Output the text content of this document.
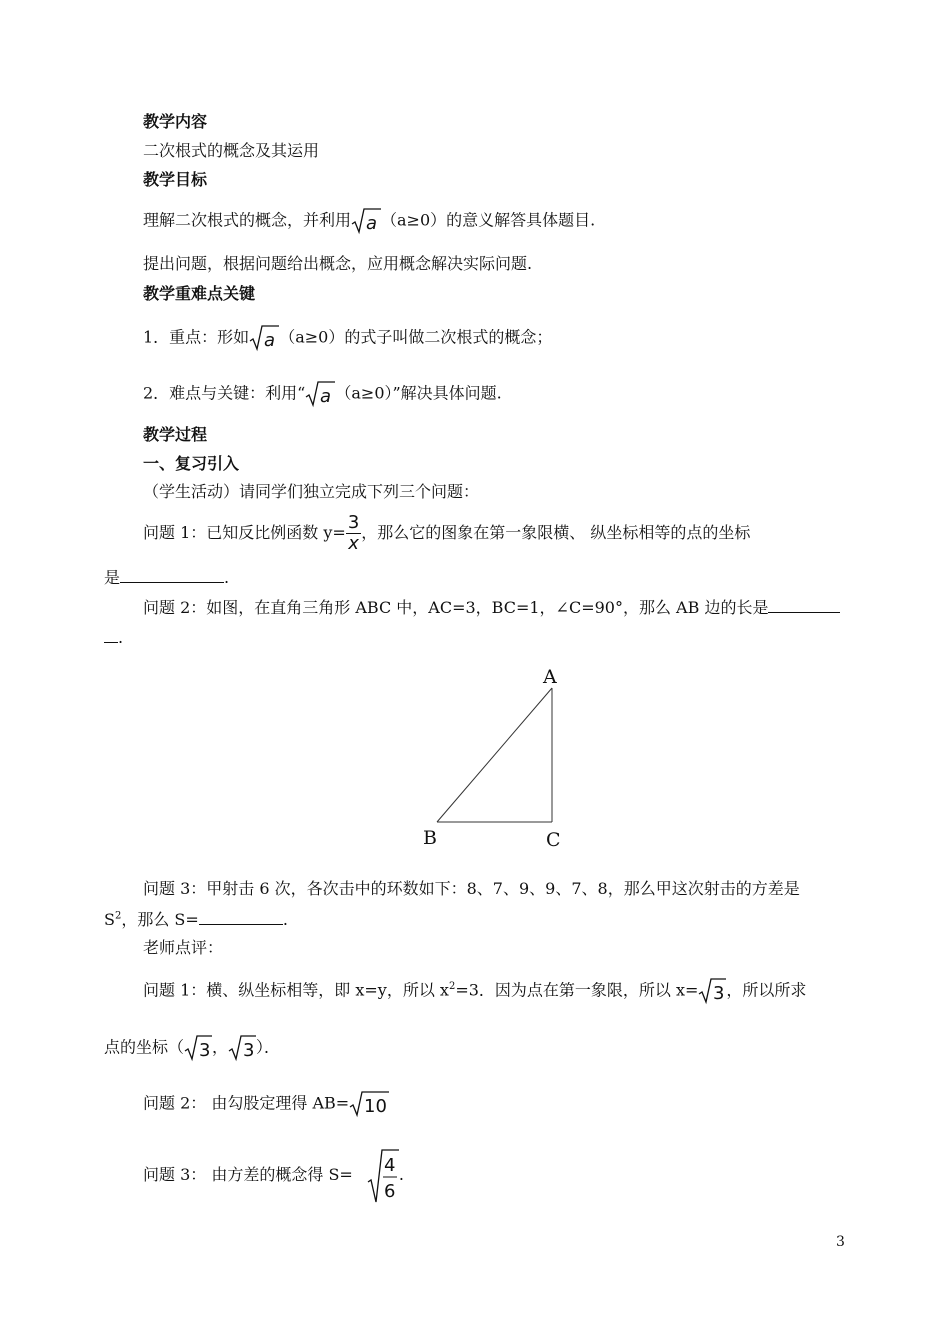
教学内容
二次根式的概念及其运用
教学目标
理解二次根式的概念，并利用 a （a≥0）的意义解答具体题目.
提出问题，根据问题给出概念，应用概念解决实际问题.
教学重难点关键
1．重点：形如 a （a≥0）的式子叫做二次根式的概念；
2．难点与关键：利用“ a （a≥0）”解决具体问题.
教学过程
一、复习引入
（学生活动）请同学们独立完成下列三个问题：
问题 1：已知反比例函数 $y= \frac{3}{x}$ ，那么它的图象在第一象限横、 纵坐标相等的点的坐标
是	.
问题 2：如图，在直角三角形 ABC 中，AC=3，BC=1，∠C=90°，那么 AB 边的长是
.
A
B	C
问题 3：甲射击 6 次，各次击中的环数如下：8、7、9、9、7、8，那么甲这次射击的方差是
$S^2$，那么 S=	.
老师点评：
问题 1：横、纵坐标相等，即 x=y，所以 $x^2=3$．因为点在第一象限，所以 x= 3 ，所以所求
点的坐标（ 3 ， 3 ）．
问题 2： 由勾股定理得 AB= 10
问题 3： 由方差的概念得 S= 4
6
.
3
